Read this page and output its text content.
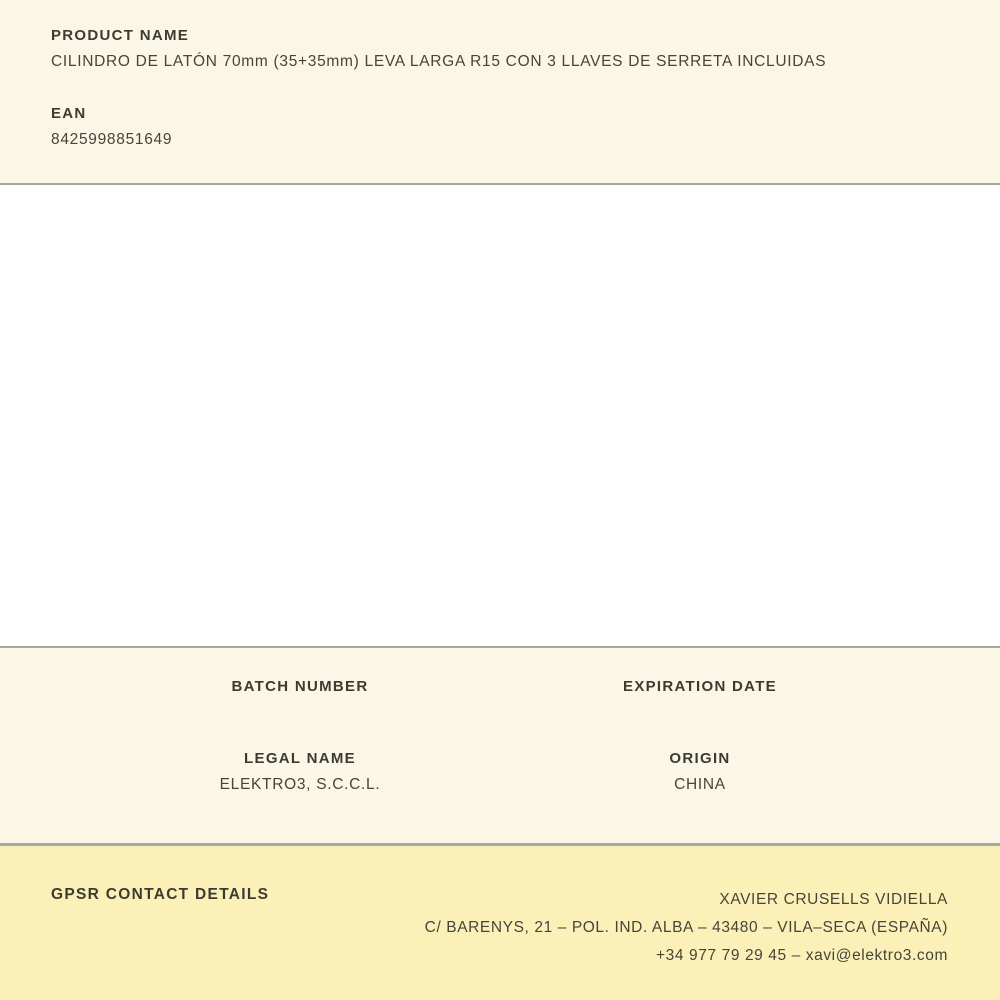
PRODUCT NAME
CILINDRO DE LATÓN 70mm (35+35mm) LEVA LARGA R15 CON 3 LLAVES DE SERRETA INCLUIDAS
EAN
8425998851649
BATCH NUMBER	EXPIRATION DATE
LEGAL NAME
ELEKTRO3, S.C.C.L.
ORIGIN
CHINA
GPSR CONTACT DETAILS	XAVIER CRUSELLS VIDIELLA
C/ BARENYS, 21 – POL. IND. ALBA – 43480 – VILA–SECA (ESPAÑA)
+34 977 79 29 45 – xavi@elektro3.com
